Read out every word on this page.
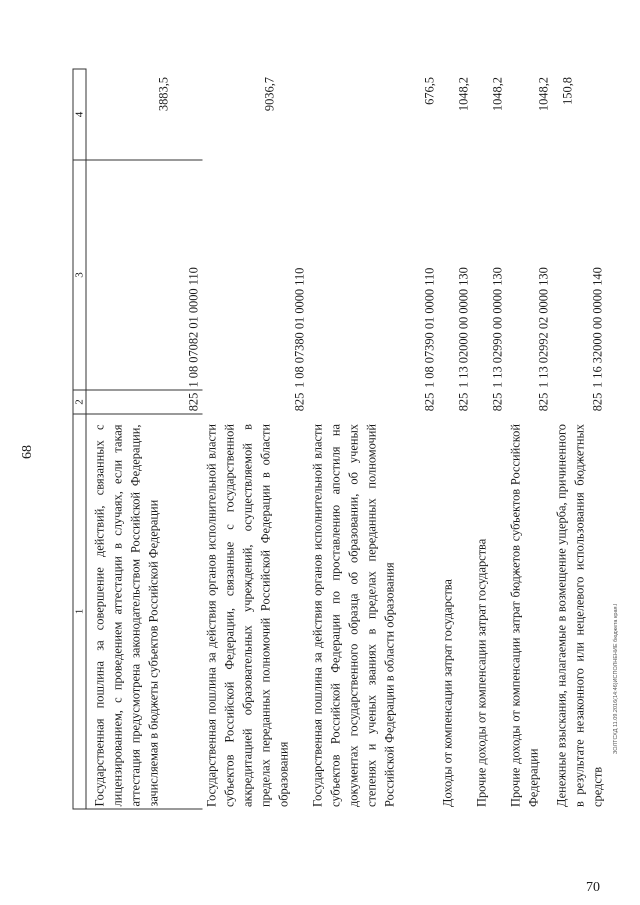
68
1	2	3	4
Государственная пошлина за совершение действий, связанных с лицензированием, с проведением аттестации в случаях, если такая аттестация предусмотрена законодательством Российской Федерации, зачисляемая в бюджеты субъектов Российской Федерации	825	1 08 07082 01 0000 110	3883,5
Государственная пошлина за действия органов исполнительной власти субъектов Российской Федерации, связанные с государственной аккредитацией образовательных учреждений, осуществляемой в пределах переданных полномочий Российской Федерации в области образования	825	1 08 07380 01 0000 110	9036,7
Государственная пошлина за действия органов исполнительной власти субъектов Российской Федерации по проставлению апостиля на документах государственного образца об образовании, об ученых степенях и ученых званиях в пределах переданных полномочий Российской Федерации в области образования	825	1 08 07390 01 0000 110	676,5
Доходы от компенсации затрат государства	825	1 13 02000 00 0000 130	1048,2
Прочие доходы от компенсации затрат государства	825	1 13 02990 00 0000 130	1048,2
Прочие доходы от компенсации затрат бюджетов субъектов Российской Федерации	825	1 13 02992 02 0000 130	1048,2
Денежные взыскания, налагаемые в возмещение ущерба, причиненного в результате незаконного или нецелевого использования бюджетных средств	825	1 16 32000 00 0000 140	150,8
ЗОЛТСХД 11.09.2016(14:46)ИСПОЛНЕНИЕ бюджета края.l
70
